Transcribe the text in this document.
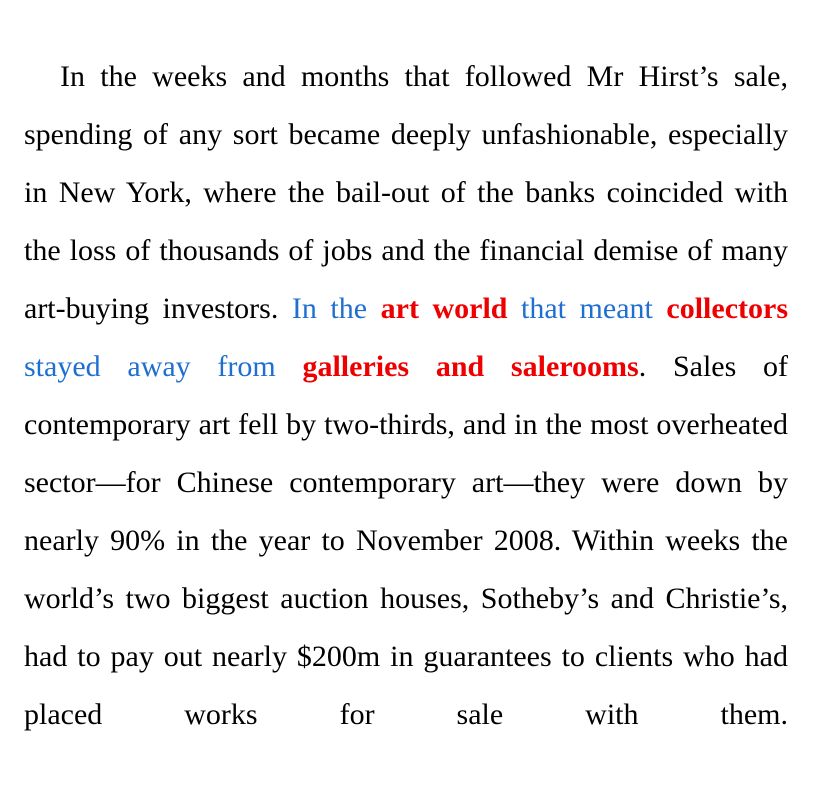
In the weeks and months that followed Mr Hirst’s sale, spending of any sort became deeply unfashionable, especially in New York, where the bail-out of the banks coincided with the loss of thousands of jobs and the financial demise of many art-buying investors. In the art world that meant collectors stayed away from galleries and salerooms. Sales of contemporary art fell by two-thirds, and in the most overheated sector—for Chinese contemporary art—they were down by nearly 90% in the year to November 2008. Within weeks the world’s two biggest auction houses, Sotheby’s and Christie’s, had to pay out nearly $200m in guarantees to clients who had placed works for sale with them.
